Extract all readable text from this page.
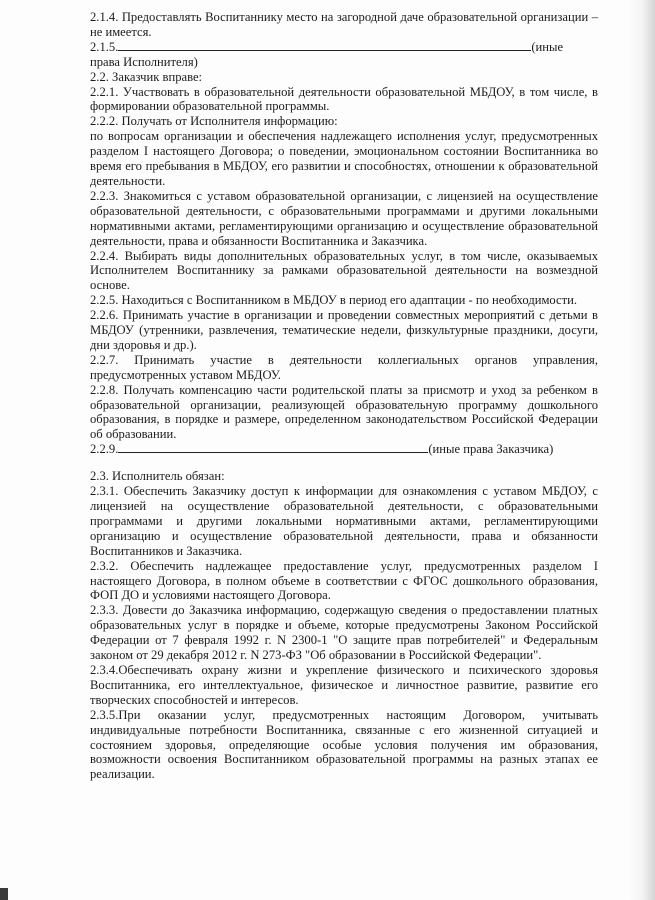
2.1.4. Предоставлять Воспитаннику место на загородной даче образовательной организации – не имеется.

2.1.5.	(иные
права Исполнителя)

2.2. Заказчик вправе:

2.2.1. Участвовать в образовательной деятельности образовательной МБДОУ, в том числе, в формировании образовательной программы.

2.2.2. Получать от Исполнителя информацию:

по вопросам организации и обеспечения надлежащего исполнения услуг, предусмотренных разделом I настоящего Договора; о поведении, эмоциональном состоянии Воспитанника во время его пребывания в МБДОУ, его развитии и способностях, отношении к образовательной деятельности.

2.2.3. Знакомиться с уставом образовательной организации, с лицензией на осуществление образовательной деятельности, с образовательными программами и другими локальными нормативными актами, регламентирующими организацию и осуществление образовательной деятельности, права и обязанности Воспитанника и Заказчика.

2.2.4. Выбирать виды дополнительных образовательных услуг, в том числе, оказываемых Исполнителем Воспитаннику за рамками образовательной деятельности на возмездной основе.

2.2.5. Находиться с Воспитанником в МБДОУ в период его адаптации - по необходимости.

2.2.6. Принимать участие в организации и проведении совместных мероприятий с детьми в МБДОУ (утренники, развлечения, тематические недели, физкультурные праздники, досуги, дни здоровья и др.).

2.2.7. Принимать участие в деятельности коллегиальных органов управления, предусмотренных уставом МБДОУ.

2.2.8. Получать компенсацию части родительской платы за присмотр и уход за ребенком в образовательной организации, реализующей образовательную программу дошкольного образования, в порядке и размере, определенном законодательством Российской Федерации об образовании.

2.2.9.	(иные права Заказчика)

2.3. Исполнитель обязан:

2.3.1. Обеспечить Заказчику доступ к информации для ознакомления с уставом МБДОУ, с лицензией на осуществление образовательной деятельности, с образовательными программами и другими локальными нормативными актами, регламентирующими организацию и осуществление образовательной деятельности, права и обязанности Воспитанников и Заказчика.

2.3.2. Обеспечить надлежащее предоставление услуг, предусмотренных разделом I настоящего Договора, в полном объеме в соответствии с ФГОС дошкольного образования, ФОП ДО и условиями настоящего Договора.

2.3.3. Довести до Заказчика информацию, содержащую сведения о предоставлении платных образовательных услуг в порядке и объеме, которые предусмотрены Законом Российской Федерации от 7 февраля 1992 г. N 2300-1 "О защите прав потребителей" и Федеральным законом от 29 декабря 2012 г. N 273-ФЗ "Об образовании в Российской Федерации".

2.3.4.Обеспечивать охрану жизни и укрепление физического и психического здоровья Воспитанника, его интеллектуальное, физическое и личностное развитие, развитие его творческих способностей и интересов.

2.3.5.При оказании услуг, предусмотренных настоящим Договором, учитывать индивидуальные потребности Воспитанника, связанные с его жизненной ситуацией и состоянием здоровья, определяющие особые условия получения им образования, возможности освоения Воспитанником образовательной программы на разных этапах ее реализации.
